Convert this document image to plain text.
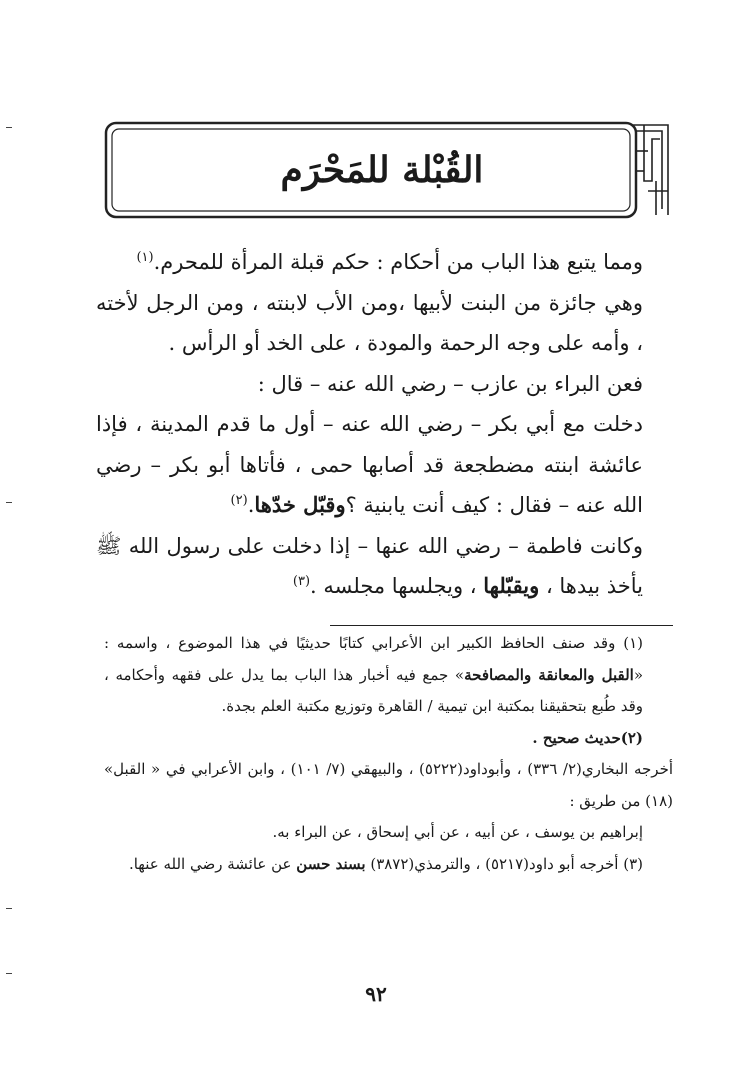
القُبْلة للمَحْرَم

ومما يتبع هذا الباب من أحكام : حكم قبلة المرأة للمحرم.$^{(١)}$

وهي جائزة من البنت لأبيها ،ومن الأب لابنته ، ومن الرجل لأخته ، وأمه على وجه الرحمة والمودة ، على الخد أو الرأس .

فعن البراء بن عازب – رضي الله عنه – قال :

دخلت مع أبي بكر – رضي الله عنه – أول ما قدم المدينة ، فإذا عائشة ابنته مضطجعة قد أصابها حمى ، فأتاها أبو بكر – رضي الله عنه – فقال : كيف أنت يابنية ؟وقبّل خدّها.$^{(٢)}$

وكانت فاطمة – رضي الله عنها – إذا دخلت على رسول الله ﷺ يأخذ بيدها ، ويقبّلها ، ويجلسها مجلسه .$^{(٣)}$

(١) وقد صنف الحافظ الكبير ابن الأعرابي كتابًا حديثيًا في هذا الموضوع ، واسمه : «القبل والمعانقة والمصافحة» جمع فيه أخبار هذا الباب بما يدل على فقهه وأحكامه ، وقد طُبع بتحقيقنا بمكتبة ابن تيمية / القاهرة وتوزيع مكتبة العلم بجدة.

(٢)حديث صحيح .

أخرجه البخاري(٢/ ٣٣٦) ، وأبوداود(٥٢٢٢) ، والبيهقي (٧/ ١٠١) ، وابن الأعرابي في « القبل» (١٨) من طريق :

إبراهيم بن يوسف ، عن أبيه ، عن أبي إسحاق ، عن البراء به.

(٣) أخرجه أبو داود(٥٢١٧) ، والترمذي(٣٨٧٢) بسند حسن عن عائشة رضي الله عنها.

٩٢
